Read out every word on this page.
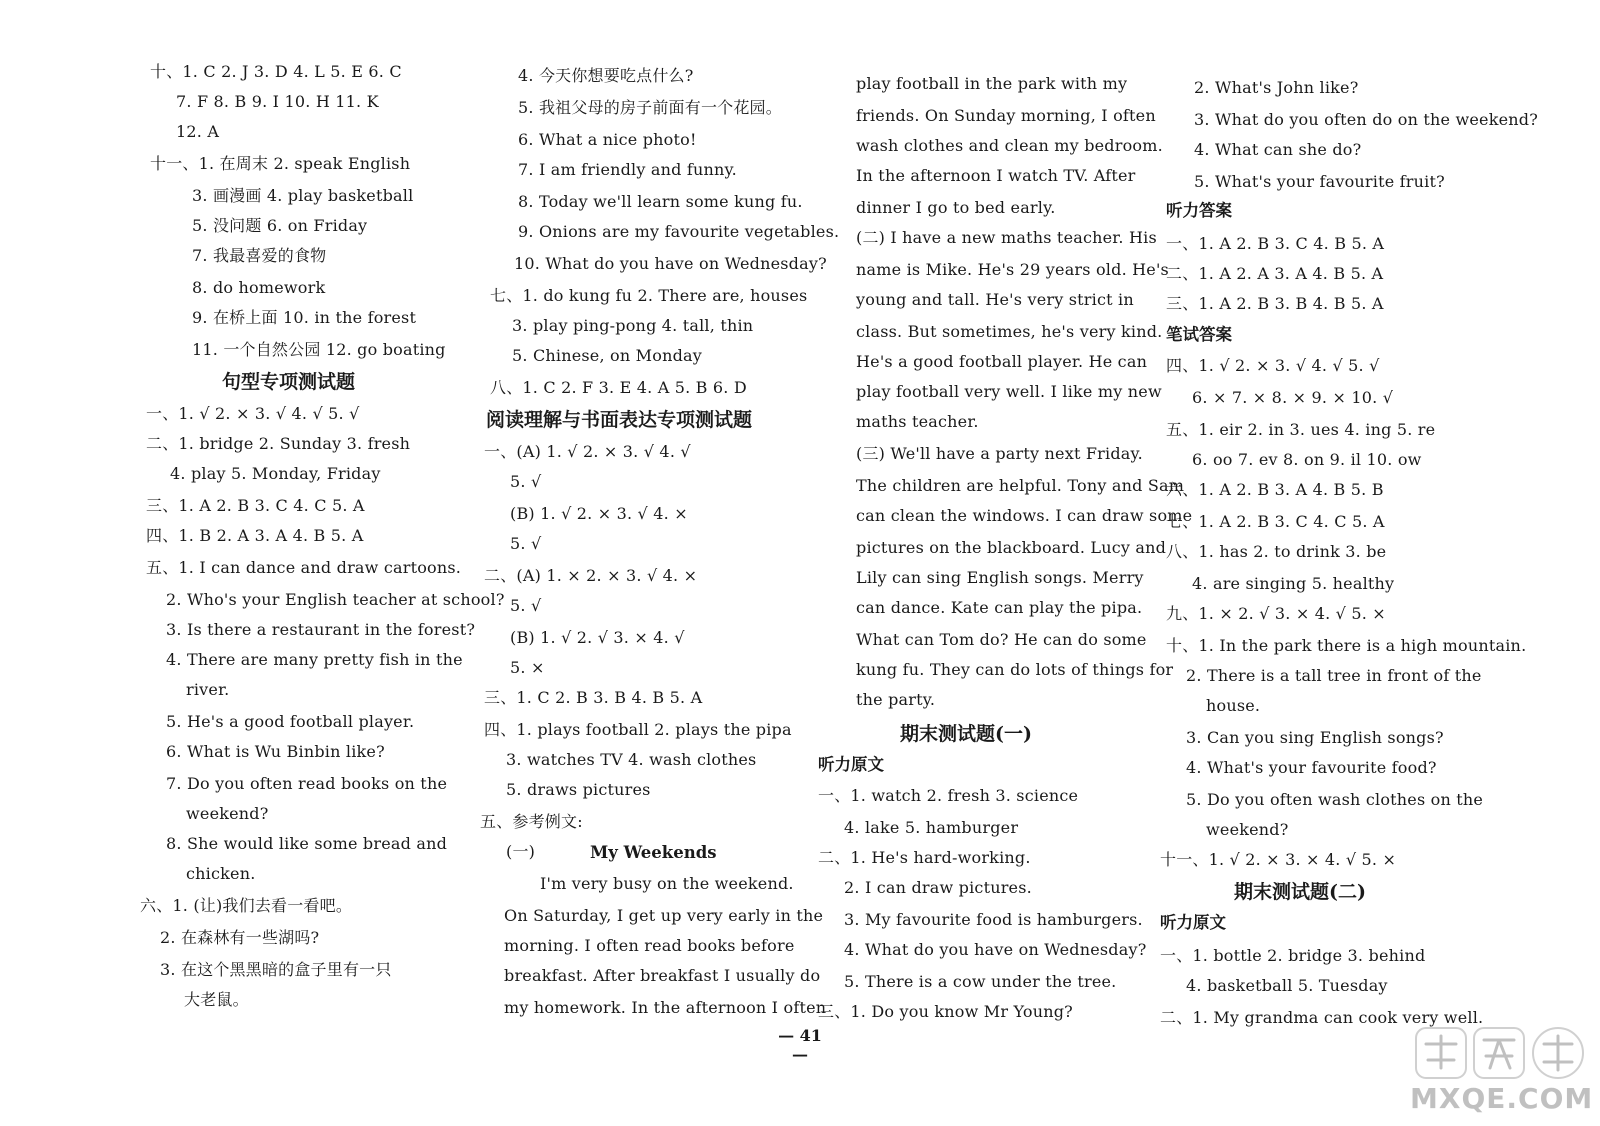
十、1. C 2. J 3. D 4. L 5. E 6. C
7. F 8. B 9. I 10. H 11. K
12. A
十一、1. 在周末 2. speak English
3. 画漫画 4. play basketball
5. 没问题 6. on Friday
7. 我最喜爱的食物
8. do homework
9. 在桥上面 10. in the forest
11. 一个自然公园 12. go boating
句型专项测试题
一、1. √ 2. × 3. √ 4. √ 5. √
二、1. bridge 2. Sunday 3. fresh
4. play 5. Monday, Friday
三、1. A 2. B 3. C 4. C 5. A
四、1. B 2. A 3. A 4. B 5. A
五、1. I can dance and draw cartoons.
2. Who's your English teacher at school?
3. Is there a restaurant in the forest?
4. There are many pretty fish in the
river.
5. He's a good football player.
6. What is Wu Binbin like?
7. Do you often read books on the
weekend?
8. She would like some bread and
chicken.
六、1. (让)我们去看一看吧。
2. 在森林有一些湖吗?
3. 在这个黑黑暗的盒子里有一只
大老鼠。
4. 今天你想要吃点什么?
5. 我祖父母的房子前面有一个花园。
6. What a nice photo!
7. I am friendly and funny.
8. Today we'll learn some kung fu.
9. Onions are my favourite vegetables.
10. What do you have on Wednesday?
七、1. do kung fu 2. There are, houses
3. play ping-pong 4. tall, thin
5. Chinese, on Monday
八、1. C 2. F 3. E 4. A 5. B 6. D
阅读理解与书面表达专项测试题
一、(A) 1. √ 2. × 3. √ 4. √
5. √
(B) 1. √ 2. × 3. √ 4. ×
5. √
二、(A) 1. × 2. × 3. √ 4. ×
5. √
(B) 1. √ 2. √ 3. × 4. √
5. ×
三、1. C 2. B 3. B 4. B 5. A
四、1. plays football 2. plays the pipa
3. watches TV 4. wash clothes
5. draws pictures
五、参考例文:
(一)	My Weekends
I'm very busy on the weekend.
On Saturday, I get up very early in the
morning. I often read books before
breakfast. After breakfast I usually do
my homework. In the afternoon I often
play football in the park with my
friends. On Sunday morning, I often
wash clothes and clean my bedroom.
In the afternoon I watch TV. After
dinner I go to bed early.
(二) I have a new maths teacher. His
name is Mike. He's 29 years old. He's
young and tall. He's very strict in
class. But sometimes, he's very kind.
He's a good football player. He can
play football very well. I like my new
maths teacher.
(三) We'll have a party next Friday.
The children are helpful. Tony and Sam
can clean the windows. I can draw some
pictures on the blackboard. Lucy and
Lily can sing English songs. Merry
can dance. Kate can play the pipa.
What can Tom do? He can do some
kung fu. They can do lots of things for
the party.
期末测试题(一)
听力原文
一、1. watch 2. fresh 3. science
4. lake 5. hamburger
二、1. He's hard-working.
2. I can draw pictures.
3. My favourite food is hamburgers.
4. What do you have on Wednesday?
5. There is a cow under the tree.
三、1. Do you know Mr Young?
2. What's John like?
3. What do you often do on the weekend?
4. What can she do?
5. What's your favourite fruit?
听力答案
一、1. A 2. B 3. C 4. B 5. A
二、1. A 2. A 3. A 4. B 5. A
三、1. A 2. B 3. B 4. B 5. A
笔试答案
四、1. √ 2. × 3. √ 4. √ 5. √
6. × 7. × 8. × 9. × 10. √
五、1. eir 2. in 3. ues 4. ing 5. re
6. oo 7. ev 8. on 9. il 10. ow
六、1. A 2. B 3. A 4. B 5. B
七、1. A 2. B 3. C 4. C 5. A
八、1. has 2. to drink 3. be
4. are singing 5. healthy
九、1. × 2. √ 3. × 4. √ 5. ×
十、1. In the park there is a high mountain.
2. There is a tall tree in front of the
house.
3. Can you sing English songs?
4. What's your favourite food?
5. Do you often wash clothes on the
weekend?
十一、1. √ 2. × 3. × 4. √ 5. ×
期末测试题(二)
听力原文
一、1. bottle 2. bridge 3. behind
4. basketball 5. Tuesday
二、1. My grandma can cook very well.
— 41 —
MXQE.COM
